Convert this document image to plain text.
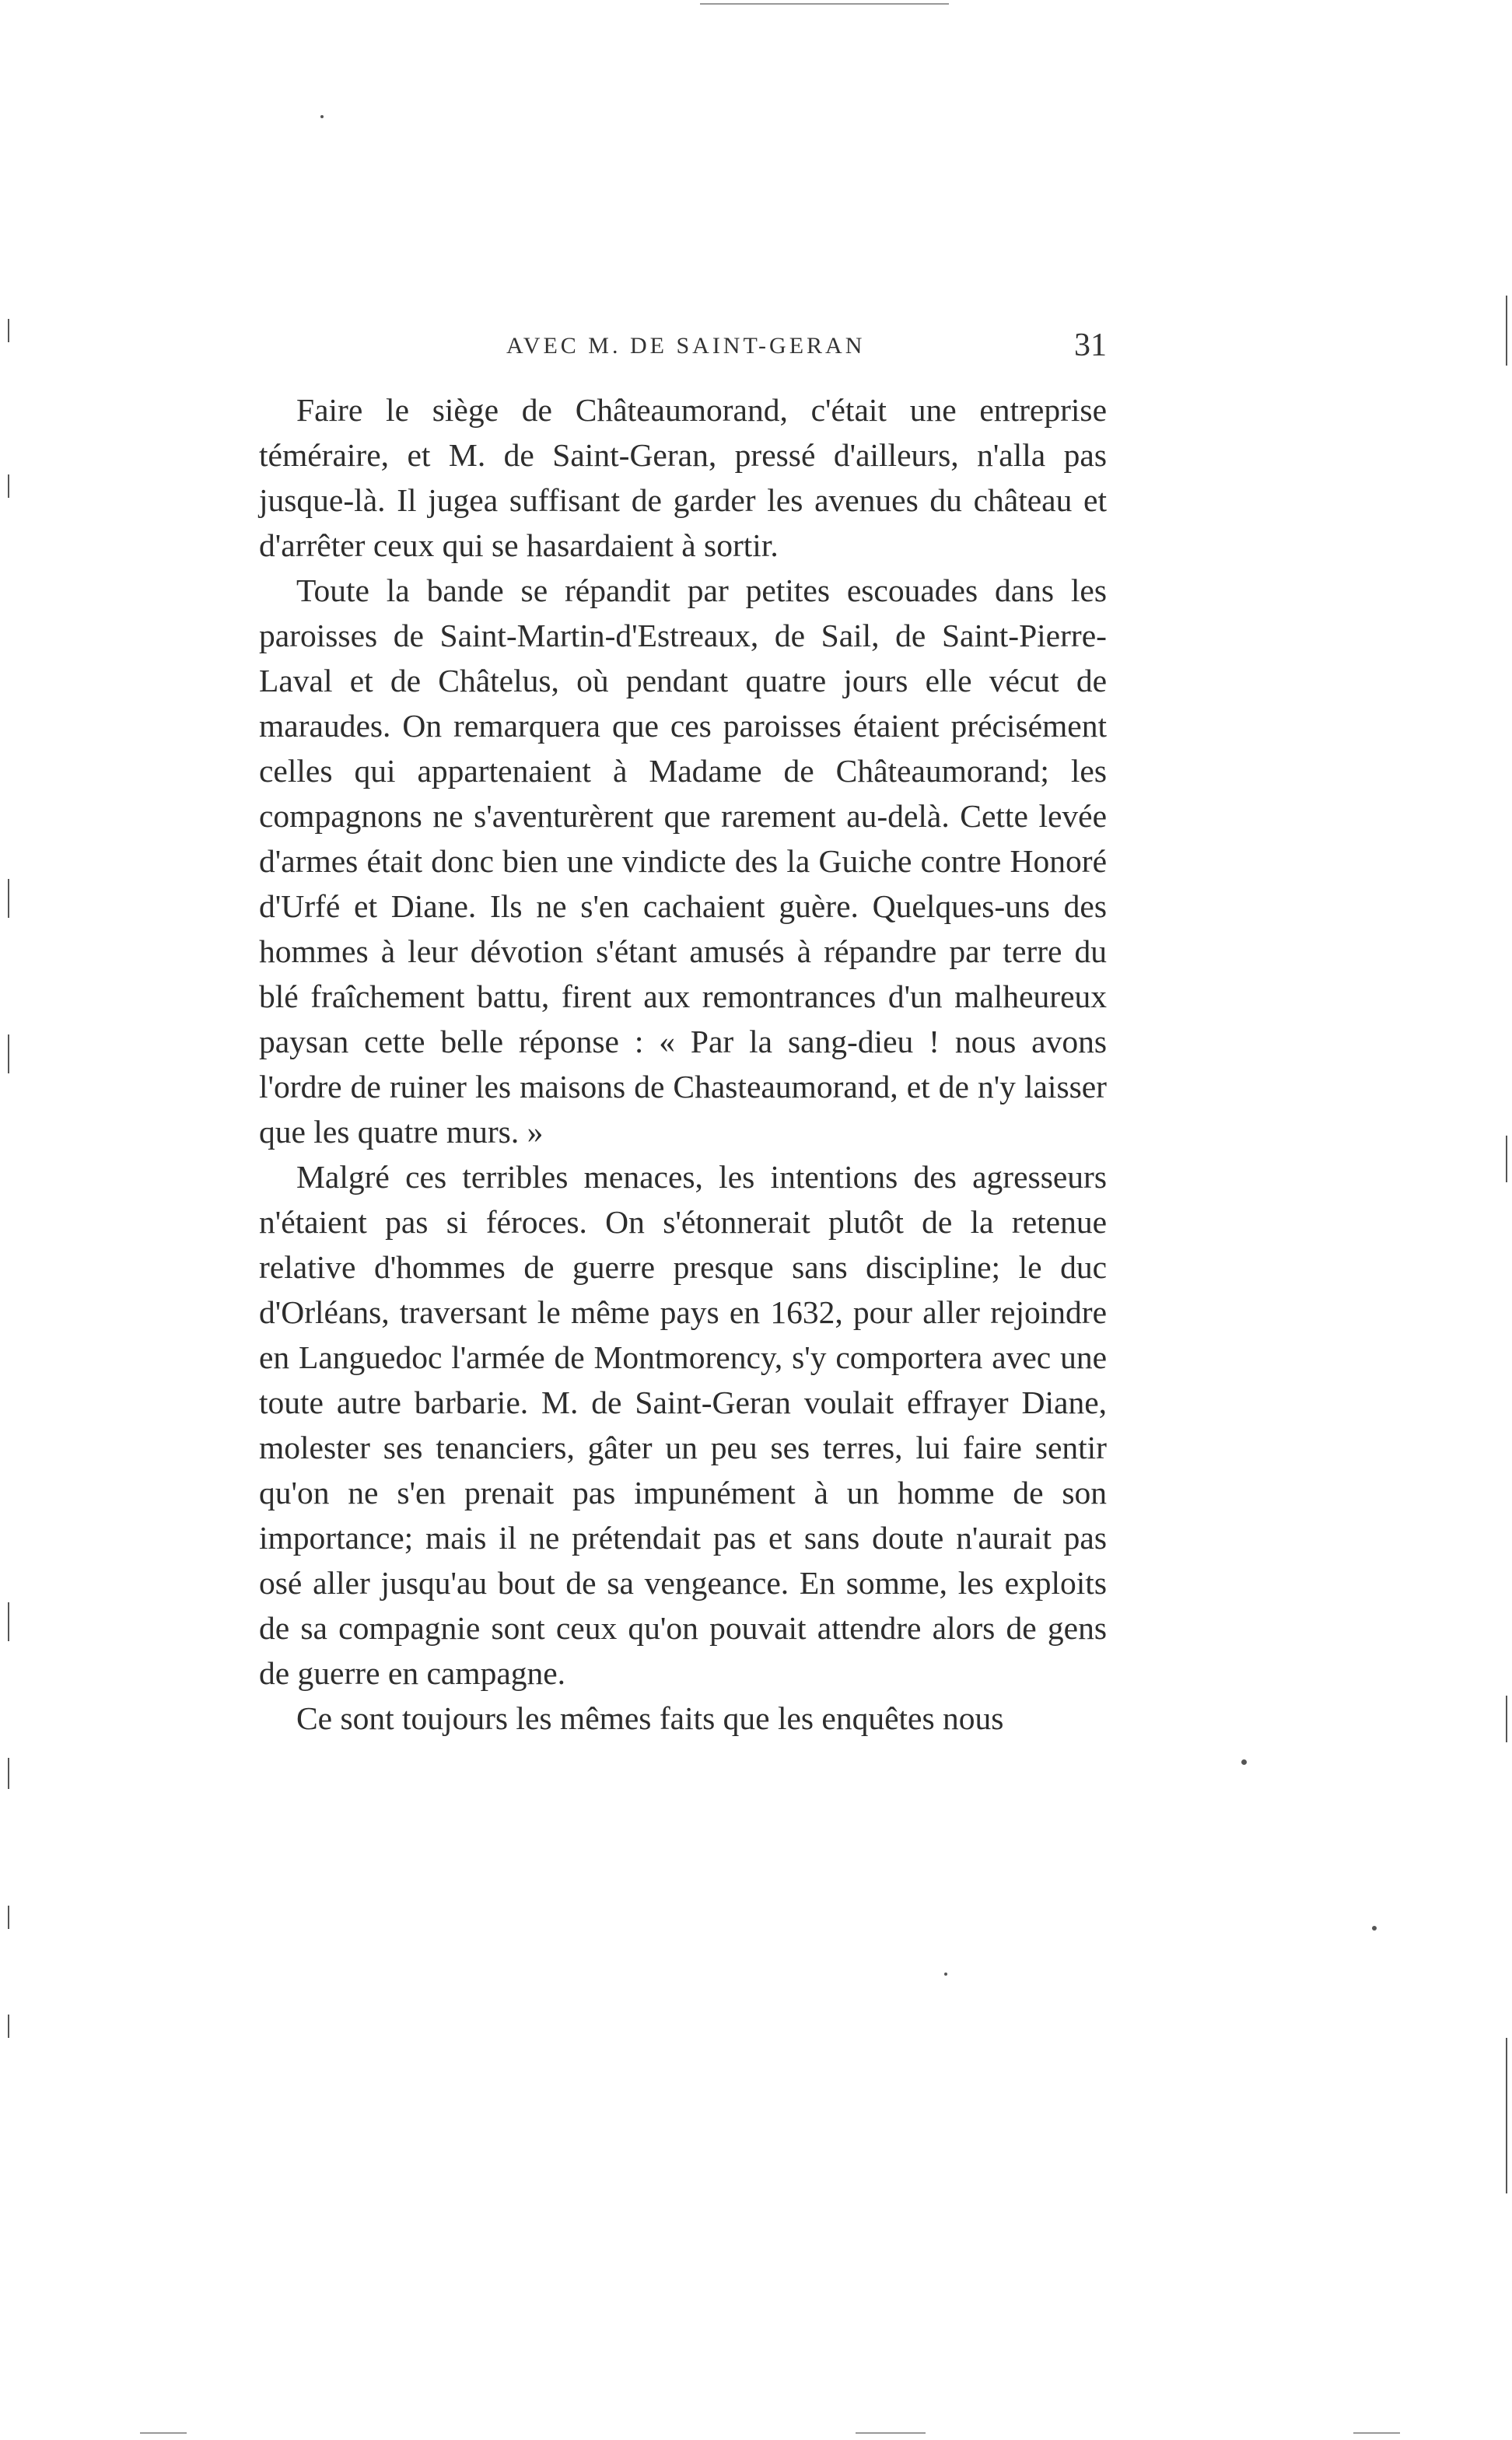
AVEC M. DE SAINT-GERAN	31

Faire le siège de Châteaumorand, c'était une entreprise téméraire, et M. de Saint-Geran, pressé d'ailleurs, n'alla pas jusque-là. Il jugea suffisant de garder les avenues du château et d'arrêter ceux qui se hasardaient à sortir.

Toute la bande se répandit par petites escouades dans les paroisses de Saint-Martin-d'Estreaux, de Sail, de Saint-Pierre-Laval et de Châtelus, où pendant quatre jours elle vécut de maraudes. On remarquera que ces paroisses étaient précisément celles qui appartenaient à Madame de Châteaumorand; les compagnons ne s'aventurèrent que rarement au-delà. Cette levée d'armes était donc bien une vindicte des la Guiche contre Honoré d'Urfé et Diane. Ils ne s'en cachaient guère. Quelques-uns des hommes à leur dévotion s'étant amusés à répandre par terre du blé fraîchement battu, firent aux remontrances d'un malheureux paysan cette belle réponse : « Par la sang-dieu ! nous avons l'ordre de ruiner les maisons de Chasteaumorand, et de n'y laisser que les quatre murs. »

Malgré ces terribles menaces, les intentions des agresseurs n'étaient pas si féroces. On s'étonnerait plutôt de la retenue relative d'hommes de guerre presque sans discipline; le duc d'Orléans, traversant le même pays en 1632, pour aller rejoindre en Languedoc l'armée de Montmorency, s'y comportera avec une toute autre barbarie. M. de Saint-Geran voulait effrayer Diane, molester ses tenanciers, gâter un peu ses terres, lui faire sentir qu'on ne s'en prenait pas impunément à un homme de son importance; mais il ne prétendait pas et sans doute n'aurait pas osé aller jusqu'au bout de sa vengeance. En somme, les exploits de sa compagnie sont ceux qu'on pouvait attendre alors de gens de guerre en campagne.

Ce sont toujours les mêmes faits que les enquêtes nous
